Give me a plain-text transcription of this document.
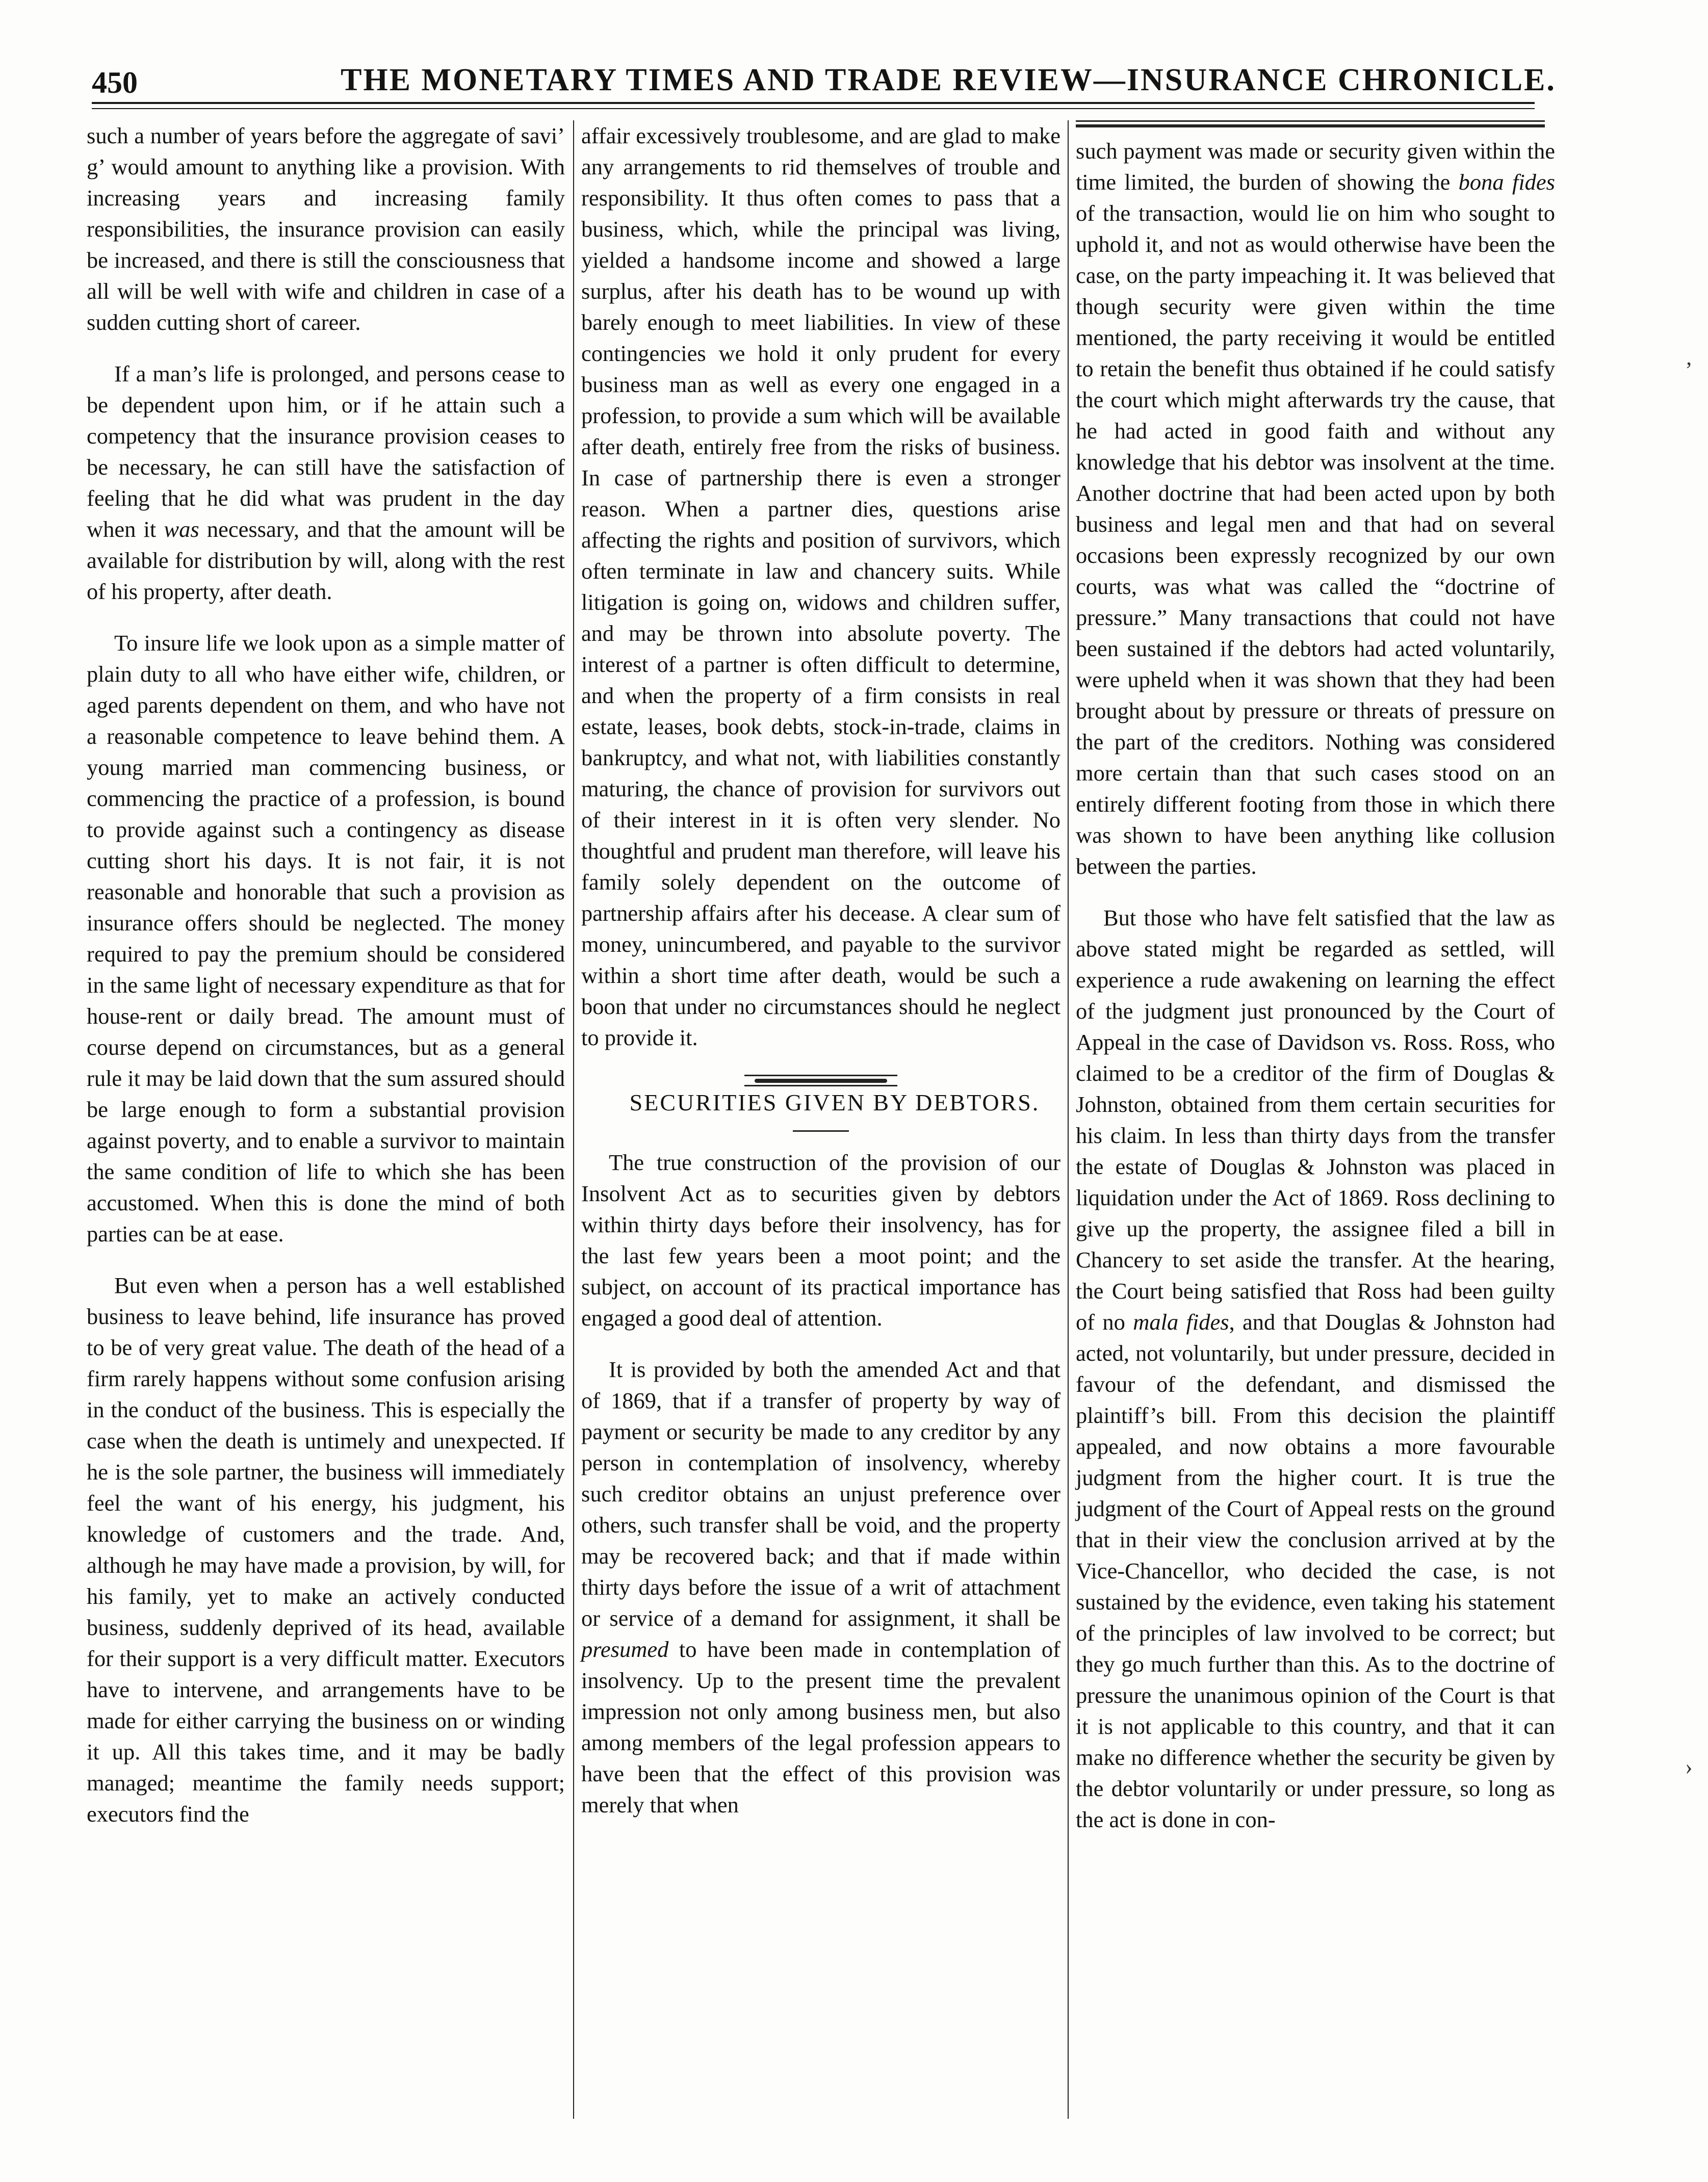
450	THE MONETARY TIMES AND TRADE REVIEW—INSURANCE CHRONICLE.

such a number of years before the aggregate of savi’ g’ would amount to anything like a provision. With increasing years and increasing family responsibilities, the insurance provision can easily be increased, and there is still the consciousness that all will be well with wife and children in case of a sudden cutting short of career.

If a man’s life is prolonged, and persons cease to be dependent upon him, or if he attain such a competency that the insurance provision ceases to be necessary, he can still have the satisfaction of feeling that he did what was prudent in the day when it was necessary, and that the amount will be available for distribution by will, along with the rest of his property, after death.

To insure life we look upon as a simple matter of plain duty to all who have either wife, children, or aged parents dependent on them, and who have not a reasonable competence to leave behind them. A young married man commencing business, or commencing the practice of a profession, is bound to provide against such a contingency as disease cutting short his days. It is not fair, it is not reasonable and honorable that such a provision as insurance offers should be neglected. The money required to pay the premium should be considered in the same light of necessary expenditure as that for house-rent or daily bread. The amount must of course depend on circumstances, but as a general rule it may be laid down that the sum assured should be large enough to form a substantial provision against poverty, and to enable a survivor to maintain the same condition of life to which she has been accustomed. When this is done the mind of both parties can be at ease.

But even when a person has a well established business to leave behind, life insurance has proved to be of very great value. The death of the head of a firm rarely happens without some confusion arising in the conduct of the business. This is especially the case when the death is untimely and unexpected. If he is the sole partner, the business will immediately feel the want of his energy, his judgment, his knowledge of customers and the trade. And, although he may have made a provision, by will, for his family, yet to make an actively conducted business, suddenly deprived of its head, available for their support is a very difficult matter. Executors have to intervene, and arrangements have to be made for either carrying the business on or winding it up. All this takes time, and it may be badly managed; meantime the family needs support; executors find the

affair excessively troublesome, and are glad to make any arrangements to rid themselves of trouble and responsibility. It thus often comes to pass that a business, which, while the principal was living, yielded a handsome income and showed a large surplus, after his death has to be wound up with barely enough to meet liabilities. In view of these contingencies we hold it only prudent for every business man as well as every one engaged in a profession, to provide a sum which will be available after death, entirely free from the risks of business. In case of partnership there is even a stronger reason. When a partner dies, questions arise affecting the rights and position of survivors, which often terminate in law and chancery suits. While litigation is going on, widows and children suffer, and may be thrown into absolute poverty. The interest of a partner is often difficult to determine, and when the property of a firm consists in real estate, leases, book debts, stock-in-trade, claims in bankruptcy, and what not, with liabilities constantly maturing, the chance of provision for survivors out of their interest in it is often very slender. No thoughtful and prudent man therefore, will leave his family solely dependent on the outcome of partnership affairs after his decease. A clear sum of money, unincumbered, and payable to the survivor within a short time after death, would be such a boon that under no circumstances should he neglect to provide it.

SECURITIES GIVEN BY DEBTORS.

The true construction of the provision of our Insolvent Act as to securities given by debtors within thirty days before their insolvency, has for the last few years been a moot point; and the subject, on account of its practical importance has engaged a good deal of attention.

It is provided by both the amended Act and that of 1869, that if a transfer of property by way of payment or security be made to any creditor by any person in contemplation of insolvency, whereby such creditor obtains an unjust preference over others, such transfer shall be void, and the property may be recovered back; and that if made within thirty days before the issue of a writ of attachment or service of a demand for assignment, it shall be presumed to have been made in contemplation of insolvency. Up to the present time the prevalent impression not only among business men, but also among members of the legal profession appears to have been that the effect of this provision was merely that when

such payment was made or security given within the time limited, the burden of showing the bona fides of the transaction, would lie on him who sought to uphold it, and not as would otherwise have been the case, on the party impeaching it. It was believed that though security were given within the time mentioned, the party receiving it would be entitled to retain the benefit thus obtained if he could satisfy the court which might afterwards try the cause, that he had acted in good faith and without any knowledge that his debtor was insolvent at the time. Another doctrine that had been acted upon by both business and legal men and that had on several occasions been expressly recognized by our own courts, was what was called the “doctrine of pressure.” Many transactions that could not have been sustained if the debtors had acted voluntarily, were upheld when it was shown that they had been brought about by pressure or threats of pressure on the part of the creditors. Nothing was considered more certain than that such cases stood on an entirely different footing from those in which there was shown to have been anything like collusion between the parties.

But those who have felt satisfied that the law as above stated might be regarded as settled, will experience a rude awakening on learning the effect of the judgment just pronounced by the Court of Appeal in the case of Davidson vs. Ross. Ross, who claimed to be a creditor of the firm of Douglas & Johnston, obtained from them certain securities for his claim. In less than thirty days from the transfer the estate of Douglas & Johnston was placed in liquidation under the Act of 1869. Ross declining to give up the property, the assignee filed a bill in Chancery to set aside the transfer. At the hearing, the Court being satisfied that Ross had been guilty of no mala fides, and that Douglas & Johnston had acted, not voluntarily, but under pressure, decided in favour of the defendant, and dismissed the plaintiff’s bill. From this decision the plaintiff appealed, and now obtains a more favourable judgment from the higher court. It is true the judgment of the Court of Appeal rests on the ground that in their view the conclusion arrived at by the Vice-Chancellor, who decided the case, is not sustained by the evidence, even taking his statement of the principles of law involved to be correct; but they go much further than this. As to the doctrine of pressure the unanimous opinion of the Court is that it is not applicable to this country, and that it can make no difference whether the security be given by the debtor voluntarily or under pressure, so long as the act is done in con-

’
›
